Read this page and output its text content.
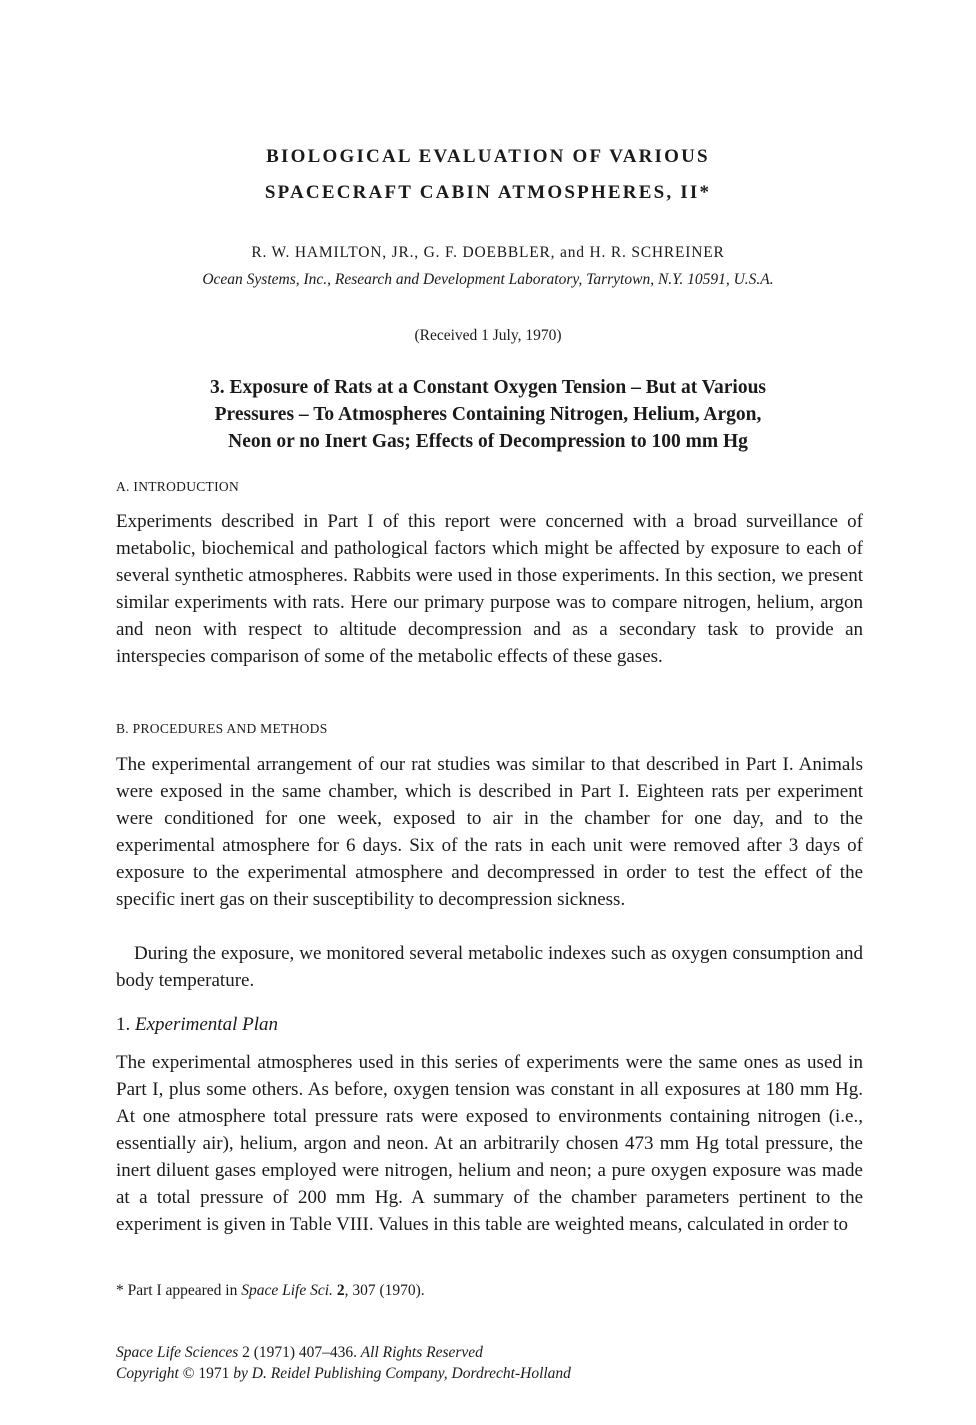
BIOLOGICAL EVALUATION OF VARIOUS
SPACECRAFT CABIN ATMOSPHERES, II*
R. W. HAMILTON, JR., G. F. DOEBBLER, and H. R. SCHREINER
Ocean Systems, Inc., Research and Development Laboratory, Tarrytown, N.Y. 10591, U.S.A.
(Received 1 July, 1970)
3. Exposure of Rats at a Constant Oxygen Tension – But at Various
Pressures – To Atmospheres Containing Nitrogen, Helium, Argon,
Neon or no Inert Gas; Effects of Decompression to 100 mm Hg
A. INTRODUCTION
Experiments described in Part I of this report were concerned with a broad surveillance of metabolic, biochemical and pathological factors which might be affected by exposure to each of several synthetic atmospheres. Rabbits were used in those experiments. In this section, we present similar experiments with rats. Here our primary purpose was to compare nitrogen, helium, argon and neon with respect to altitude decompression and as a secondary task to provide an interspecies comparison of some of the metabolic effects of these gases.
B. PROCEDURES AND METHODS
The experimental arrangement of our rat studies was similar to that described in Part I. Animals were exposed in the same chamber, which is described in Part I. Eighteen rats per experiment were conditioned for one week, exposed to air in the chamber for one day, and to the experimental atmosphere for 6 days. Six of the rats in each unit were removed after 3 days of exposure to the experimental atmosphere and decompressed in order to test the effect of the specific inert gas on their susceptibility to decompression sickness.
During the exposure, we monitored several metabolic indexes such as oxygen consumption and body temperature.
1. Experimental Plan
The experimental atmospheres used in this series of experiments were the same ones as used in Part I, plus some others. As before, oxygen tension was constant in all exposures at 180 mm Hg. At one atmosphere total pressure rats were exposed to environments containing nitrogen (i.e., essentially air), helium, argon and neon. At an arbitrarily chosen 473 mm Hg total pressure, the inert diluent gases employed were nitrogen, helium and neon; a pure oxygen exposure was made at a total pressure of 200 mm Hg. A summary of the chamber parameters pertinent to the experiment is given in Table VIII. Values in this table are weighted means, calculated in order to
* Part I appeared in Space Life Sci. 2, 307 (1970).
Space Life Sciences 2 (1971) 407–436. All Rights Reserved
Copyright © 1971 by D. Reidel Publishing Company, Dordrecht-Holland
